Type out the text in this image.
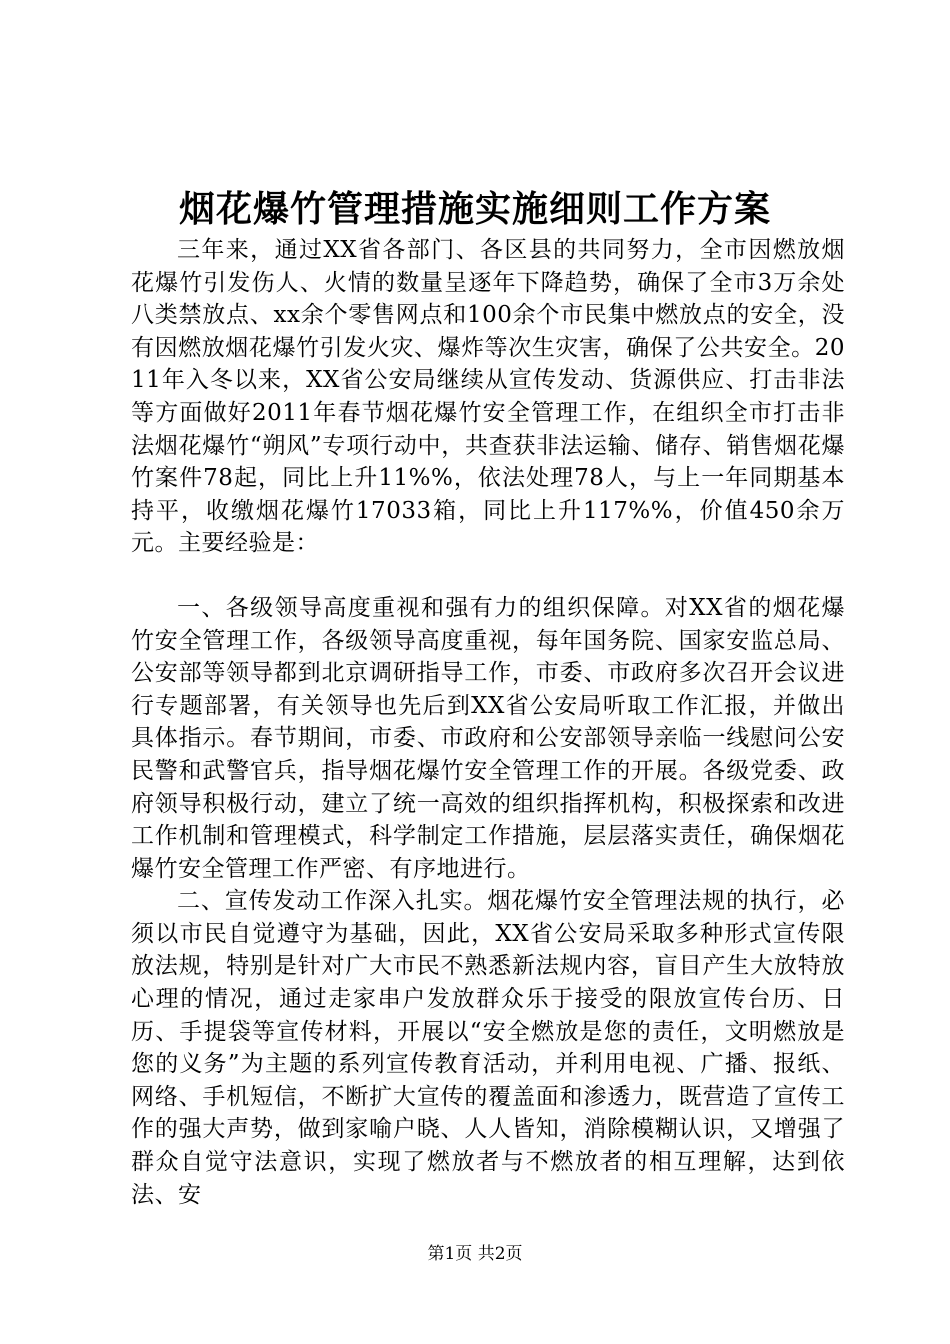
烟花爆竹管理措施实施细则工作方案

三年来，通过XX省各部门、各区县的共同努力，全市因燃放烟花爆竹引发伤人、火情的数量呈逐年下降趋势，确保了全市3万余处八类禁放点、xx余个零售网点和100余个市民集中燃放点的安全，没有因燃放烟花爆竹引发火灾、爆炸等次生灾害，确保了公共安全。2011年入冬以来，XX省公安局继续从宣传发动、货源供应、打击非法等方面做好2011年春节烟花爆竹安全管理工作，在组织全市打击非法烟花爆竹“朔风”专项行动中，共查获非法运输、储存、销售烟花爆竹案件78起，同比上升11%%，依法处理78人，与上一年同期基本持平，收缴烟花爆竹17033箱，同比上升117%%，价值450余万元。主要经验是：

一、各级领导高度重视和强有力的组织保障。对XX省的烟花爆竹安全管理工作，各级领导高度重视，每年国务院、国家安监总局、公安部等领导都到北京调研指导工作，市委、市政府多次召开会议进行专题部署，有关领导也先后到XX省公安局听取工作汇报，并做出具体指示。春节期间，市委、市政府和公安部领导亲临一线慰问公安民警和武警官兵，指导烟花爆竹安全管理工作的开展。各级党委、政府领导积极行动，建立了统一高效的组织指挥机构，积极探索和改进工作机制和管理模式，科学制定工作措施，层层落实责任，确保烟花爆竹安全管理工作严密、有序地进行。

二、宣传发动工作深入扎实。烟花爆竹安全管理法规的执行，必须以市民自觉遵守为基础，因此，XX省公安局采取多种形式宣传限放法规，特别是针对广大市民不熟悉新法规内容，盲目产生大放特放心理的情况，通过走家串户发放群众乐于接受的限放宣传台历、日历、手提袋等宣传材料，开展以“安全燃放是您的责任，文明燃放是您的义务”为主题的系列宣传教育活动，并利用电视、广播、报纸、网络、手机短信，不断扩大宣传的覆盖面和渗透力，既营造了宣传工作的强大声势，做到家喻户晓、人人皆知，消除模糊认识，又增强了群众自觉守法意识，实现了燃放者与不燃放者的相互理解，达到依法、安

第1页 共2页
